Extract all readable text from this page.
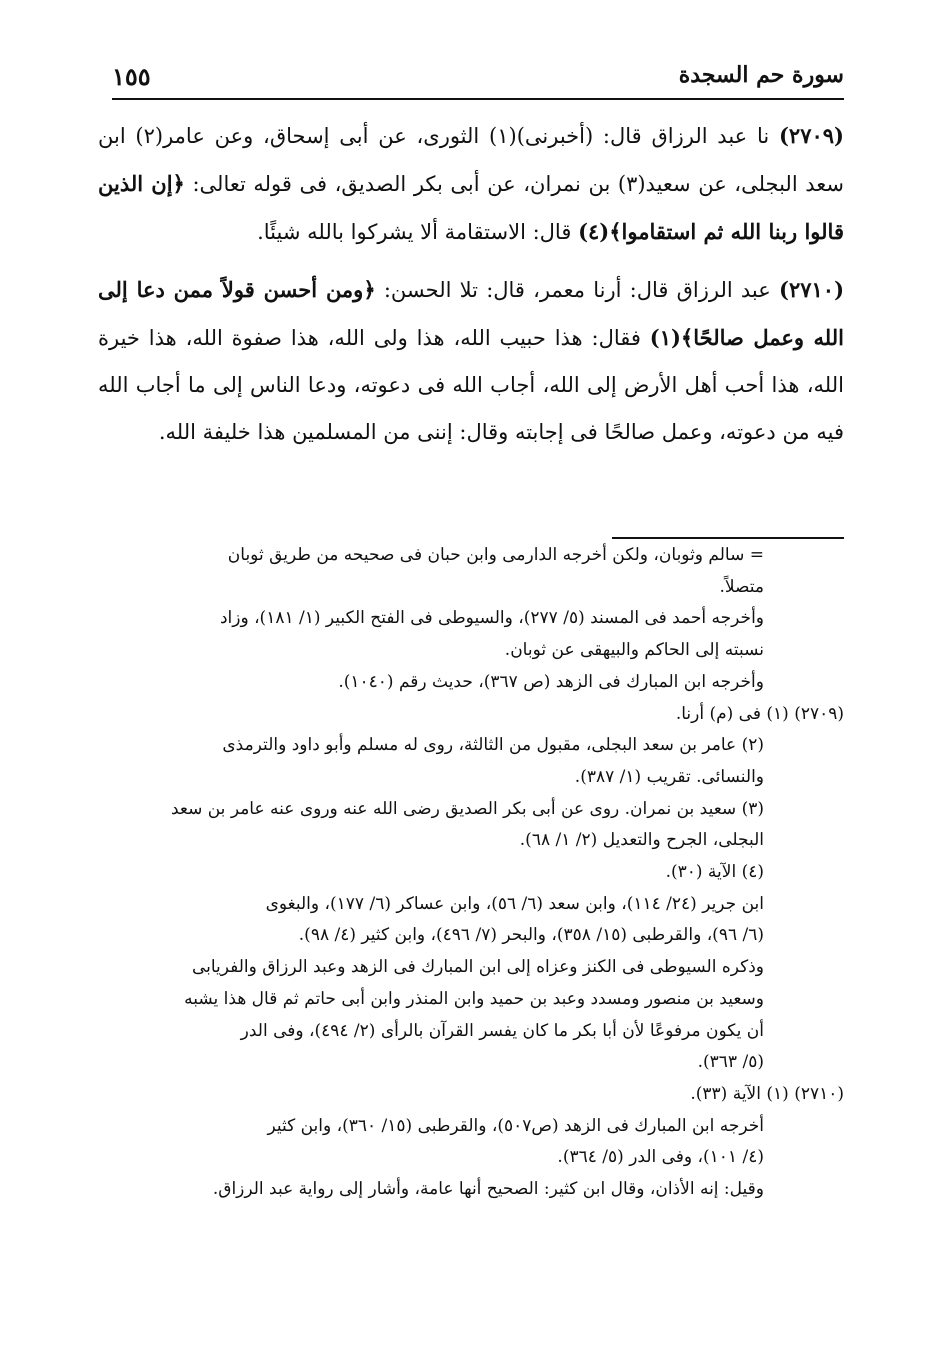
سورة حم السجدة
١٥٥

(٢٧٠٩) نا عبد الرزاق قال: (أخبرنى)(١) الثورى، عن أبى إسحاق، وعن عامر(٢) ابن سعد البجلى، عن سعيد(٣) بن نمران، عن أبى بكر الصديق، فى قوله تعالى: ﴿إن الذين قالوا ربنا الله ثم استقاموا﴾(٤) قال: الاستقامة ألا يشركوا بالله شيئًا.

(٢٧١٠) عبد الرزاق قال: أرنا معمر، قال: تلا الحسن: ﴿ومن أحسن قولاً ممن دعا إلى الله وعمل صالحًا﴾(١) فقال: هذا حبيب الله، هذا ولى الله، هذا صفوة الله، هذا خيرة الله، هذا أحب أهل الأرض إلى الله، أجاب الله فى دعوته، ودعا الناس إلى ما أجاب الله فيه من دعوته، وعمل صالحًا فى إجابته وقال: إننى من المسلمين هذا خليفة الله.

= سالم وثوبان، ولكن أخرجه الدارمى وابن حبان فى صحيحه من طريق ثوبان
متصلاً.
وأخرجه أحمد فى المسند (٥/ ٢٧٧)، والسيوطى فى الفتح الكبير (١/ ١٨١)، وزاد
نسبته إلى الحاكم والبيهقى عن ثوبان.
وأخرجه ابن المبارك فى الزهد (ص ٣٦٧)، حديث رقم (١٠٤٠).
(٢٧٠٩) (١) فى (م) أرنا.
(٢) عامر بن سعد البجلى، مقبول من الثالثة، روى له مسلم وأبو داود والترمذى
والنسائى. تقريب (١/ ٣٨٧).
(٣) سعيد بن نمران. روى عن أبى بكر الصديق رضى الله عنه وروى عنه عامر بن سعد
البجلى، الجرح والتعديل (٢/ ١/ ٦٨).
(٤) الآية (٣٠).
ابن جرير (٢٤/ ١١٤)، وابن سعد (٦/ ٥٦)، وابن عساكر (٦/ ١٧٧)، والبغوى
(٦/ ٩٦)، والقرطبى (١٥/ ٣٥٨)، والبحر (٧/ ٤٩٦)، وابن كثير (٤/ ٩٨).
وذكره السيوطى فى الكنز وعزاه إلى ابن المبارك فى الزهد وعبد الرزاق والفريابى
وسعيد بن منصور ومسدد وعبد بن حميد وابن المنذر وابن أبى حاتم ثم قال هذا يشبه
أن يكون مرفوعًا لأن أبا بكر ما كان يفسر القرآن بالرأى (٢/ ٤٩٤)، وفى الدر
(٥/ ٣٦٣).
(٢٧١٠) (١) الآية (٣٣).
أخرجه ابن المبارك فى الزهد (ص٥٠٧)، والقرطبى (١٥/ ٣٦٠)، وابن كثير
(٤/ ١٠١)، وفى الدر (٥/ ٣٦٤).
وقيل: إنه الأذان، وقال ابن كثير: الصحيح أنها عامة، وأشار إلى رواية عبد الرزاق.
